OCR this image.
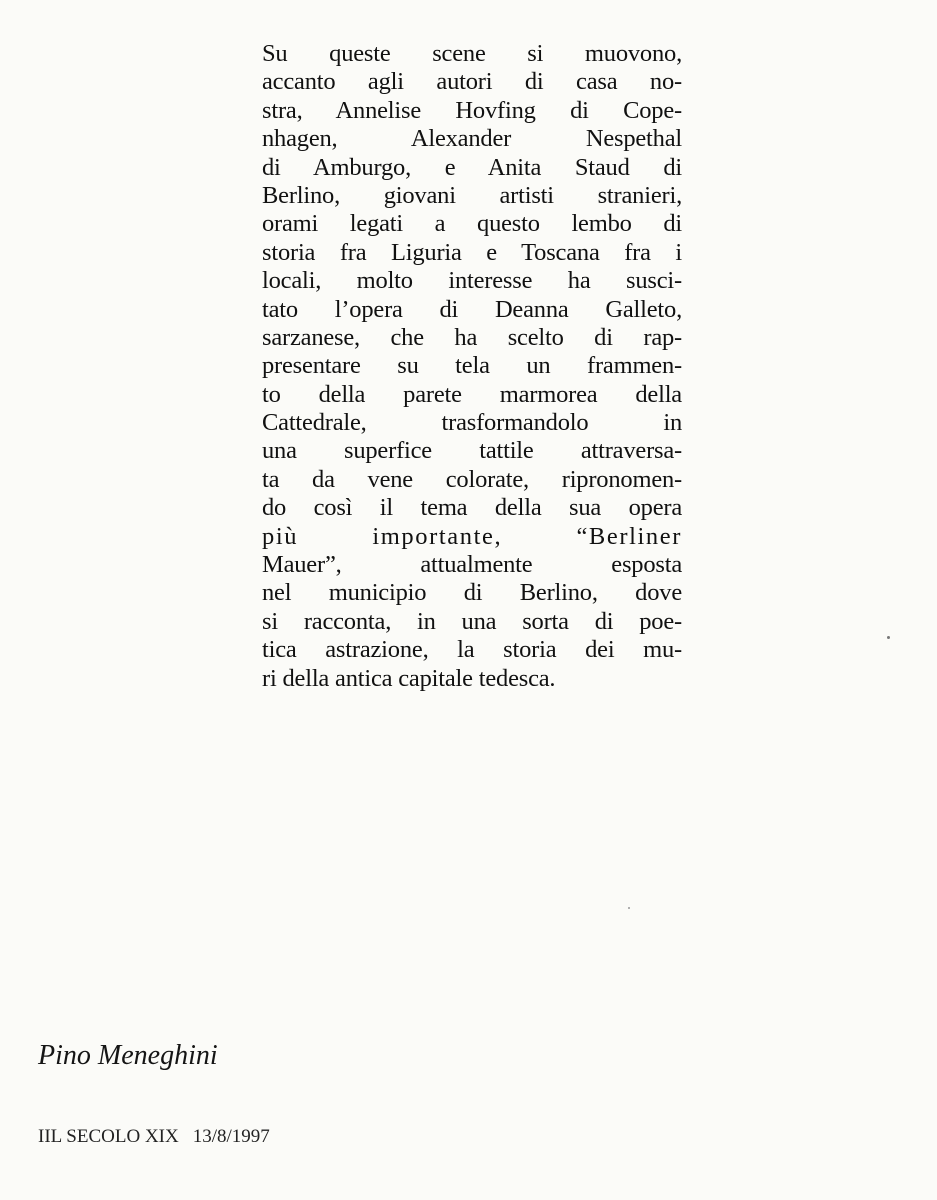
Su queste scene si muovono,
accanto agli autori di casa no-
stra, Annelise Hovfing di Cope-
nhagen, Alexander Nespethal
di Amburgo, e Anita Staud di
Berlino, giovani artisti stranieri,
orami legati a questo lembo di
storia fra Liguria e Toscana fra i
locali, molto interesse ha susci-
tato l’opera di Deanna Galleto,
sarzanese, che ha scelto di rap-
presentare su tela un frammen-
to della parete marmorea della
Cattedrale, trasformandolo in
una superfice tattile attraversa-
ta da vene colorate, ripronomen-
do così il tema della sua opera
più importante, “Berliner
Mauer”, attualmente esposta
nel municipio di Berlino, dove
si racconta, in una sorta di poe-
tica astrazione, la storia dei mu-
ri della antica capitale tedesca.
Pino Meneghini
IIL SECOLO XIX 13/8/1997
